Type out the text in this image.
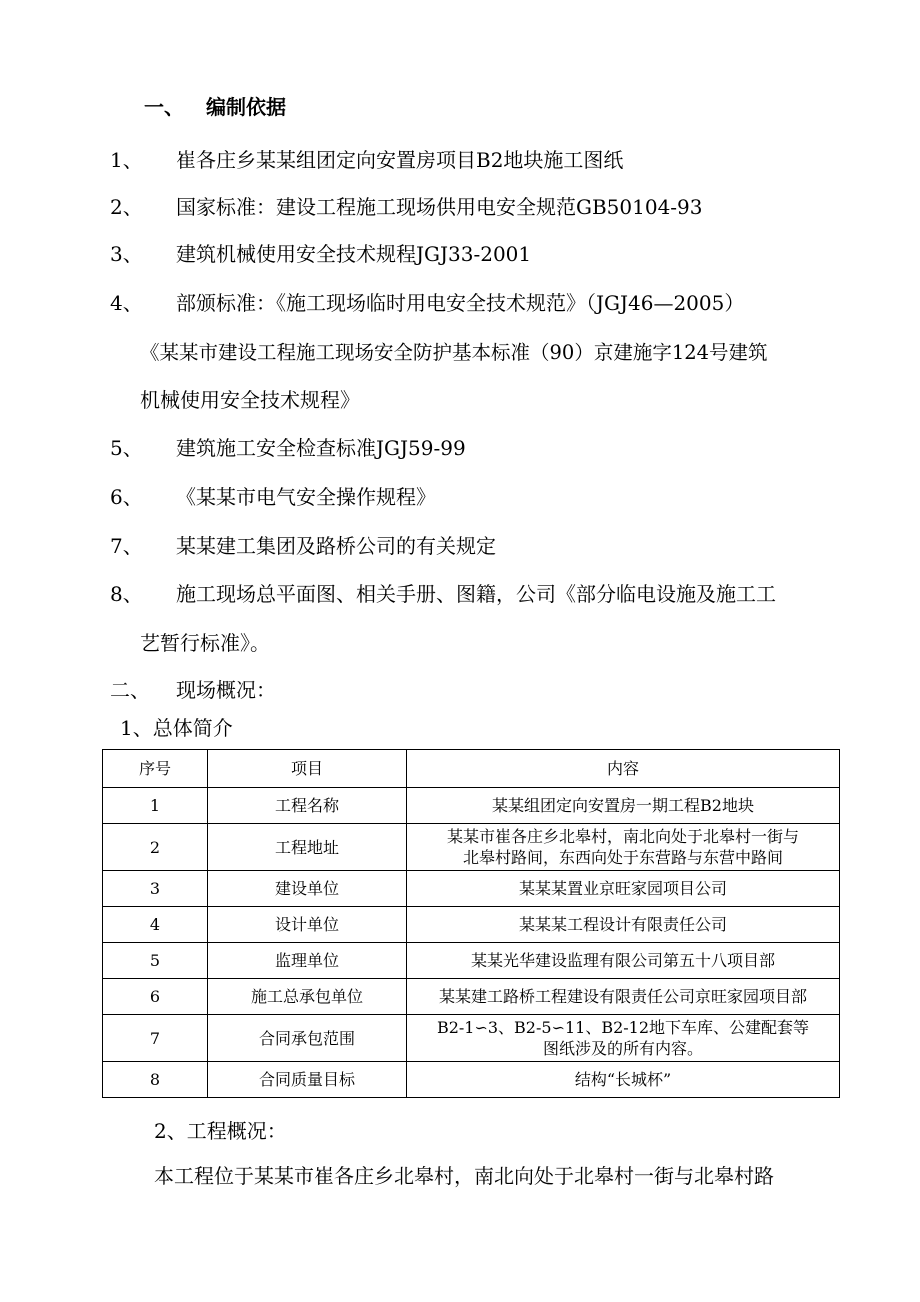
一、 编制依据
1、 崔各庄乡某某组团定向安置房项目B2地块施工图纸
2、 国家标准：建设工程施工现场供用电安全规范GB50104-93
3、 建筑机械使用安全技术规程JGJ33-2001
4、 部颁标准：《施工现场临时用电安全技术规范》（JGJ46—2005）
《某某市建设工程施工现场安全防护基本标准（90）京建施字124号建筑
机械使用安全技术规程》
5、 建筑施工安全检查标准JGJ59-99
6、 《某某市电气安全操作规程》
7、 某某建工集团及路桥公司的有关规定
8、 施工现场总平面图、相关手册、图籍，公司《部分临电设施及施工工
艺暂行标准》。
二、 现场概况：
1、总体简介
序号	项目	内容
1	工程名称	某某组团定向安置房一期工程B2地块
2	工程地址	某某市崔各庄乡北皋村，南北向处于北皋村一街与
北皋村路间，东西向处于东营路与东营中路间

3	建设单位	某某某置业京旺家园项目公司
4	设计单位	某某某工程设计有限责任公司
5	监理单位	某某光华建设监理有限公司第五十八项目部
6	施工总承包单位	某某建工路桥工程建设有限责任公司京旺家园项目部
7	合同承包范围	B2-1∽3、B2-5∽11、B2-12地下车库、公建配套等
图纸涉及的所有内容。

8	合同质量目标	结构“长城杯”
2、工程概况：
本工程位于某某市崔各庄乡北皋村，南北向处于北皋村一街与北皋村路
